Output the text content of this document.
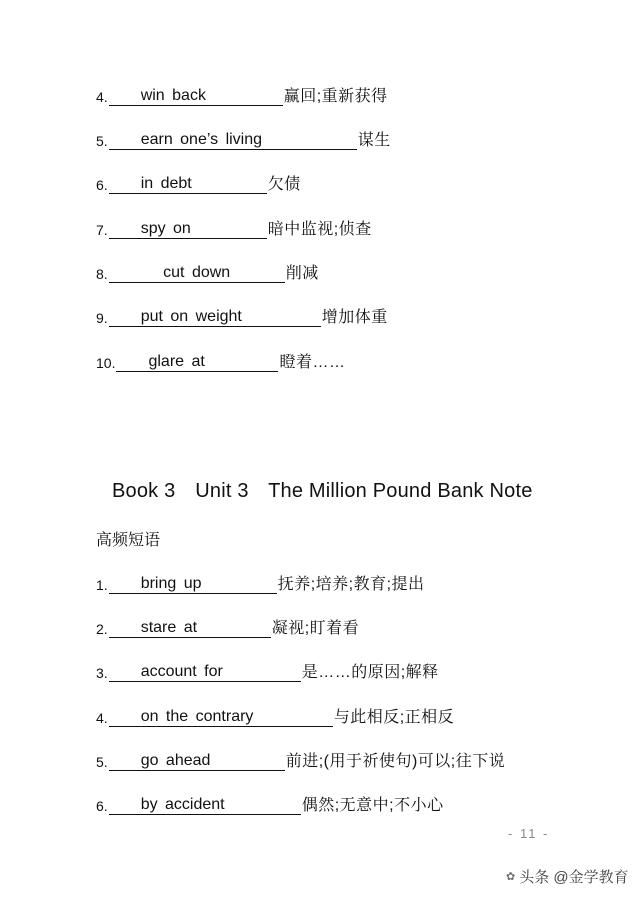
4.	win back	赢回;重新获得
5.	earn one’s living	谋生
6.	in debt	欠债
7.	spy on	暗中监视;侦查
8.	cut down	削减
9.	put on weight	增加体重
10.	glare at	瞪着……
Book 3 Unit 3 The Million Pound Bank Note
高频短语
1.	bring up	抚养;培养;教育;提出
2.	stare at	凝视;盯着看
3.	account for	是……的原因;解释
4.	on the contrary	与此相反;正相反
5.	go ahead	前进;(用于祈使句)可以;往下说
6.	by accident	偶然;无意中;不小心
- 11 -
✿ 头条 @金学教育
